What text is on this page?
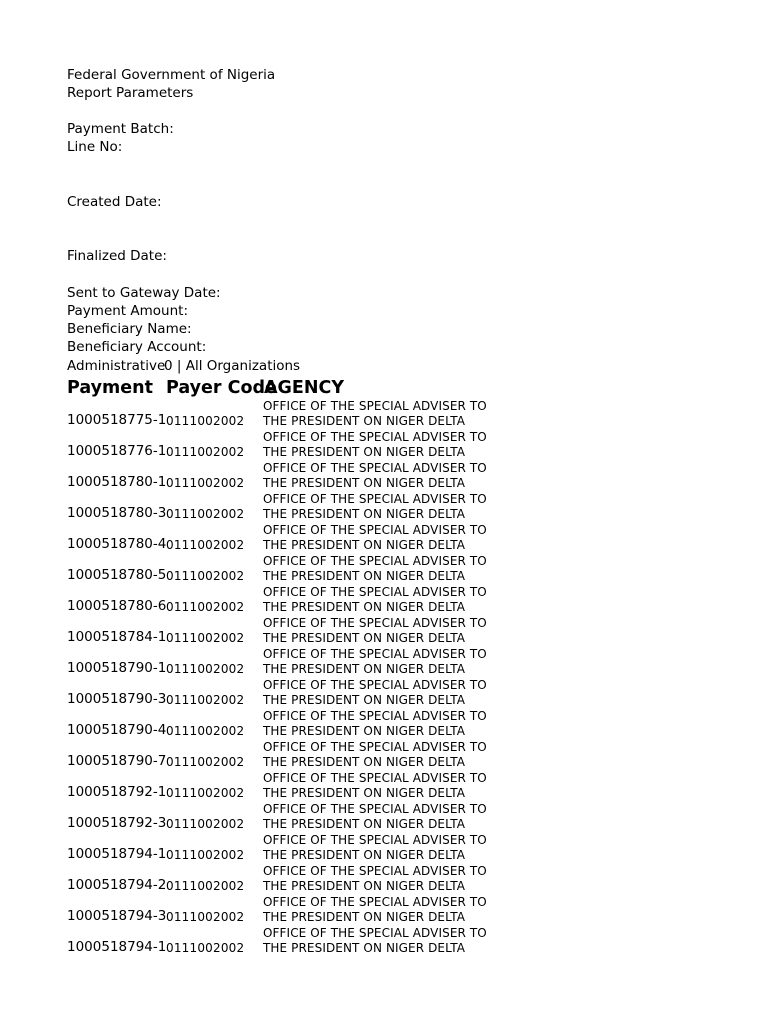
Federal Government of Nigeria
Report Parameters
Payment Batch:
Line No:
Created Date:
Finalized Date:
Sent to Gateway Date:
Payment Amount:
Beneficiary Name:
Beneficiary Account:
Administrative
0 | All Organizations
Payment Payer Code
AGENCY
1000518775-1 0111002002
OFFICE OF THE SPECIAL ADVISER TO
THE PRESIDENT ON NIGER DELTA
1000518776-1 0111002002
OFFICE OF THE SPECIAL ADVISER TO
THE PRESIDENT ON NIGER DELTA
1000518780-1 0111002002
OFFICE OF THE SPECIAL ADVISER TO
THE PRESIDENT ON NIGER DELTA
1000518780-3 0111002002
OFFICE OF THE SPECIAL ADVISER TO
THE PRESIDENT ON NIGER DELTA
1000518780-4 0111002002
OFFICE OF THE SPECIAL ADVISER TO
THE PRESIDENT ON NIGER DELTA
1000518780-5 0111002002
OFFICE OF THE SPECIAL ADVISER TO
THE PRESIDENT ON NIGER DELTA
1000518780-6 0111002002
OFFICE OF THE SPECIAL ADVISER TO
THE PRESIDENT ON NIGER DELTA
1000518784-1 0111002002
OFFICE OF THE SPECIAL ADVISER TO
THE PRESIDENT ON NIGER DELTA
1000518790-1 0111002002
OFFICE OF THE SPECIAL ADVISER TO
THE PRESIDENT ON NIGER DELTA
1000518790-3 0111002002
OFFICE OF THE SPECIAL ADVISER TO
THE PRESIDENT ON NIGER DELTA
1000518790-4 0111002002
OFFICE OF THE SPECIAL ADVISER TO
THE PRESIDENT ON NIGER DELTA
1000518790-7 0111002002
OFFICE OF THE SPECIAL ADVISER TO
THE PRESIDENT ON NIGER DELTA
1000518792-1 0111002002
OFFICE OF THE SPECIAL ADVISER TO
THE PRESIDENT ON NIGER DELTA
1000518792-3 0111002002
OFFICE OF THE SPECIAL ADVISER TO
THE PRESIDENT ON NIGER DELTA
1000518794-1 0111002002
OFFICE OF THE SPECIAL ADVISER TO
THE PRESIDENT ON NIGER DELTA
1000518794-2 0111002002
OFFICE OF THE SPECIAL ADVISER TO
THE PRESIDENT ON NIGER DELTA
1000518794-3 0111002002
OFFICE OF THE SPECIAL ADVISER TO
THE PRESIDENT ON NIGER DELTA
1000518794-1 0111002002
OFFICE OF THE SPECIAL ADVISER TO
THE PRESIDENT ON NIGER DELTA
